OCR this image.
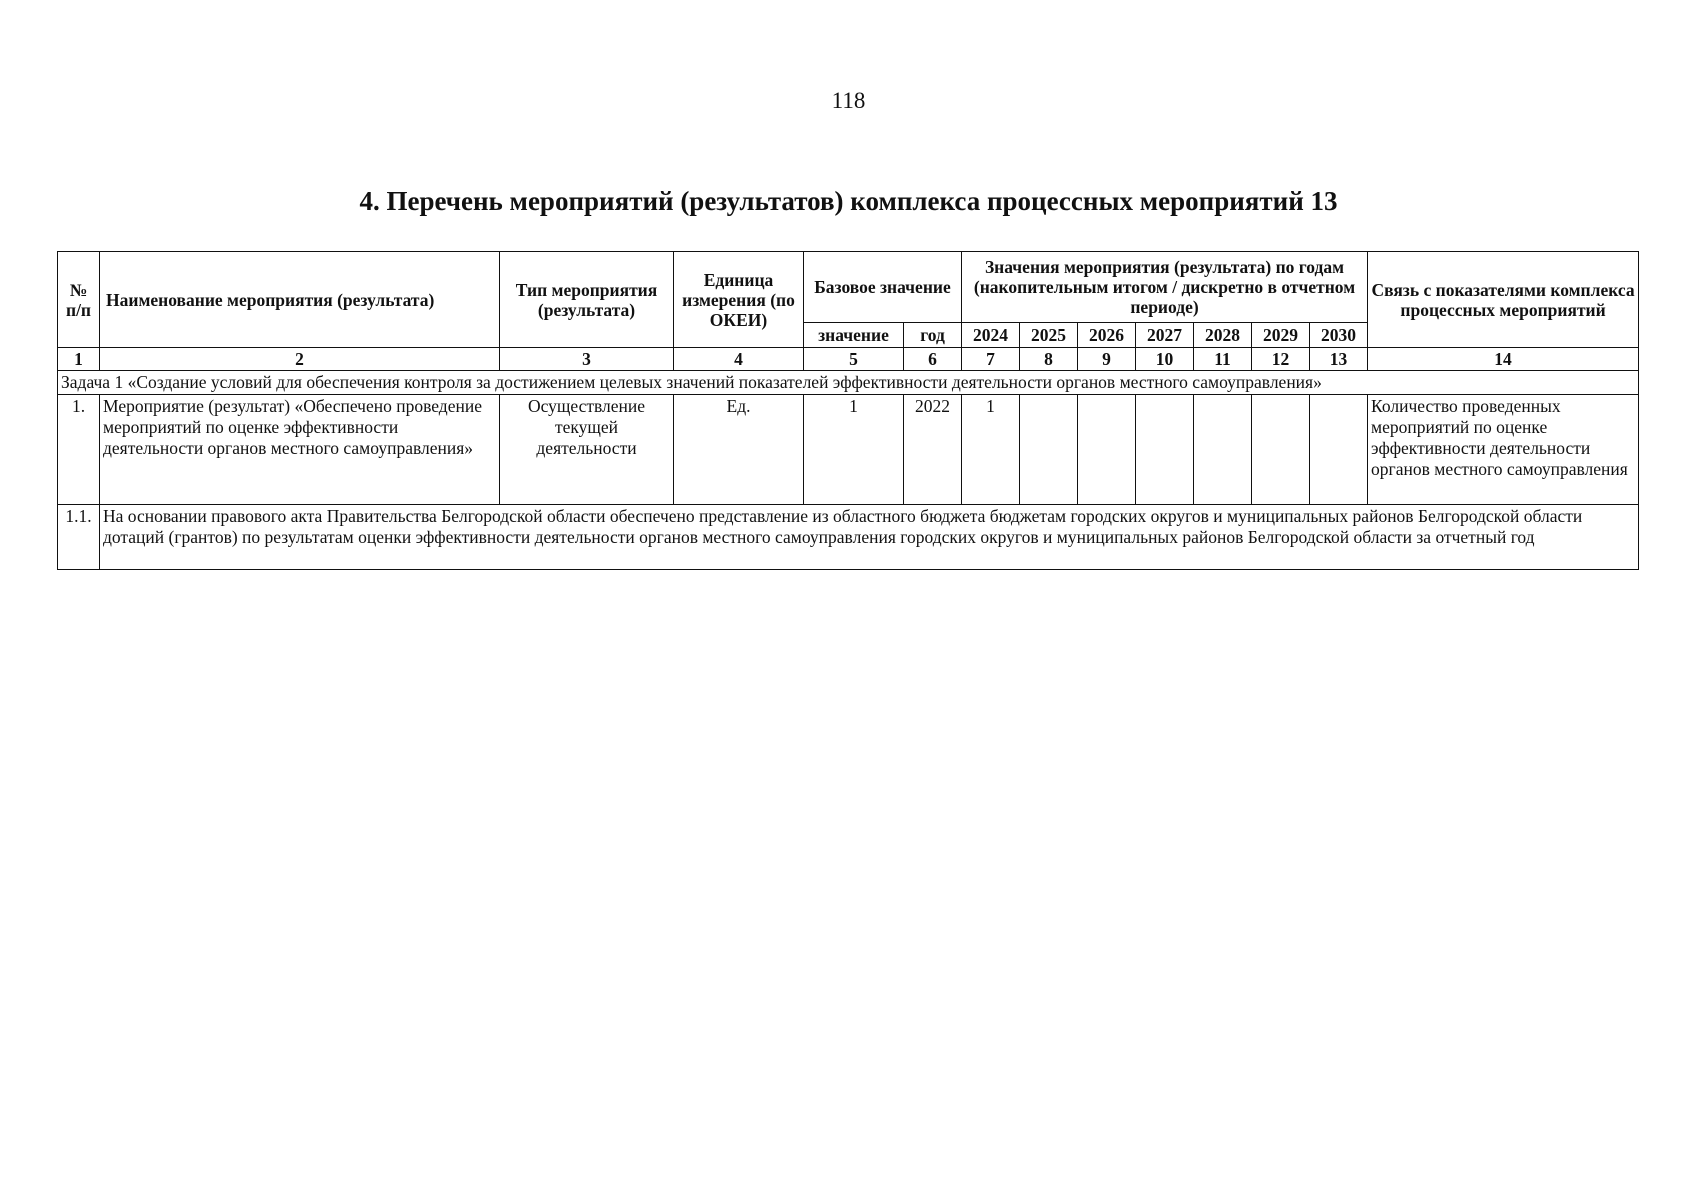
118
4. Перечень мероприятий (результатов) комплекса процессных мероприятий 13
№ п/п	Наименование мероприятия (результата)	Тип мероприятия (результата)	Единица измерения (по ОКЕИ)	Базовое значение		Значения мероприятия (результата) по годам (накопительным итогом / дискретно в отчетном периоде)							Связь с показателями комплекса процессных мероприятий
				значение	год	2024	2025	2026	2027	2028	2029	2030	
1	2	3	4	5	6	7	8	9	10	11	12	13	14
Задача 1 «Создание условий для обеспечения контроля за достижением целевых значений показателей эффективности деятельности органов местного самоуправления»													
1.	Мероприятие (результат) «Обеспечено проведение мероприятий по оценке эффективности деятельности органов местного самоуправления»	Осуществление текущей деятельности	Ед.	1	2022	1							Количество проведенных мероприятий по оценке эффективности деятельности органов местного самоуправления
1.1.	На основании правового акта Правительства Белгородской области обеспечено представление из областного бюджета бюджетам городских округов и муниципальных районов Белгородской области дотаций (грантов) по результатам оценки эффективности деятельности органов местного самоуправления городских округов и муниципальных районов Белгородской области за отчетный год												
